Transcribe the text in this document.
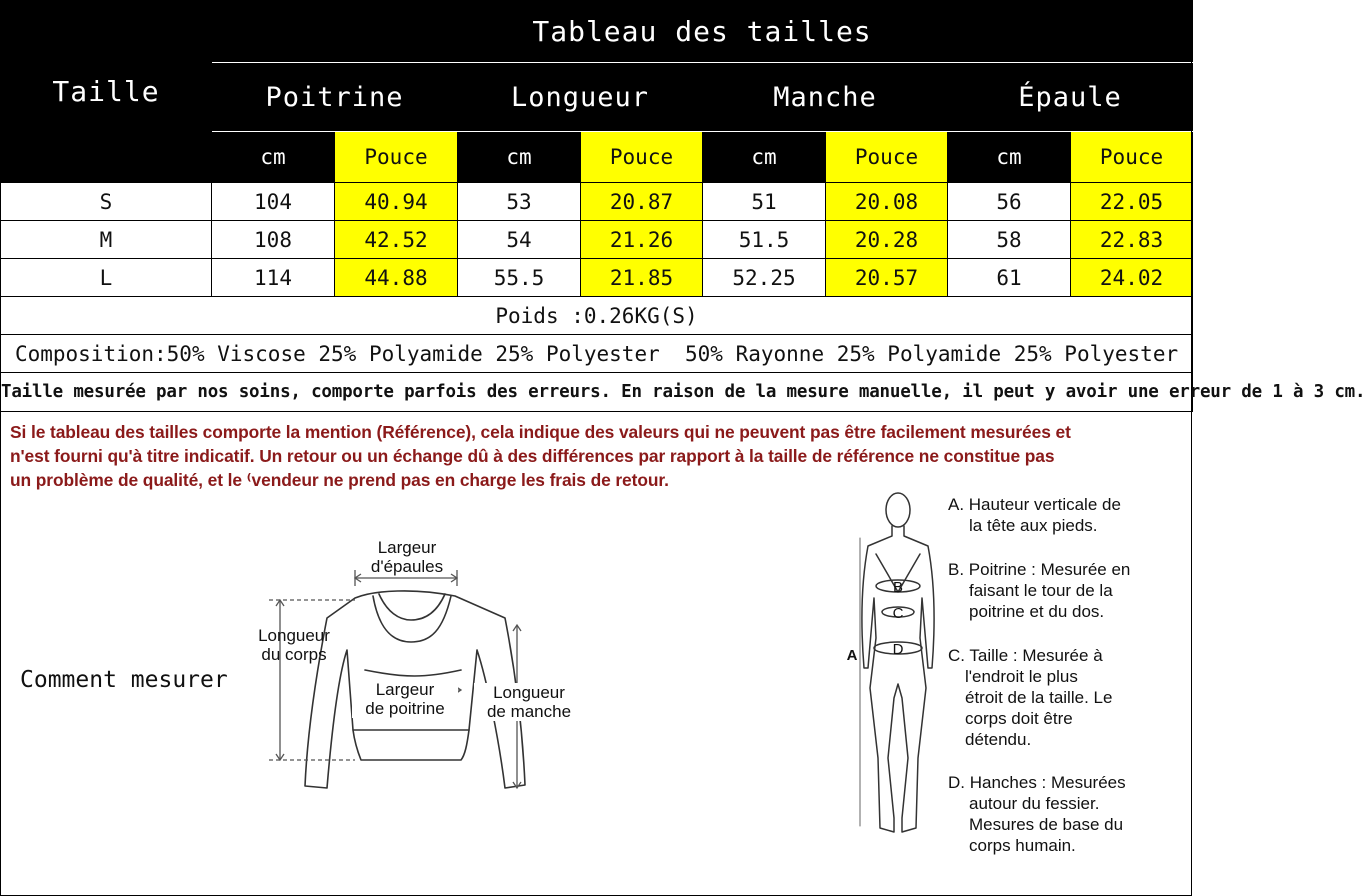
Taille	Tableau des tailles							
	Poitrine		Longueur		Manche		Épaule	
	cm	Pouce	cm	Pouce	cm	Pouce	cm	Pouce
S	104	40.94	53	20.87	51	20.08	56	22.05
M	108	42.52	54	21.26	51.5	20.28	58	22.83
L	114	44.88	55.5	21.85	52.25	20.57	61	24.02
Poids :0.26KG(S)								
Composition:50% Viscose 25% Polyamide 25% Polyester  50% Rayonne 25% Polyamide 25% Polyester								
Taille mesurée par nos soins, comporte parfois des erreurs. En raison de la mesure manuelle, il peut y avoir une erreur de 1 à 3 cm.								
Si le tableau des tailles comporte la mention (Référence), cela indique des valeurs qui ne peuvent pas être facilement mesurées et
n'est fourni qu'à titre indicatif. Un retour ou un échange dû à des différences par rapport à la taille de référence ne constitue pas
un problème de qualité, et le ⁽vendeur ne prend pas en charge les frais de retour.
Comment mesurer
Largeur
d'épaules
Longueur
du corps
Largeur
de poitrine
Longueur
de manche
B
C
D
A
A. Hauteur verticale de
la tête aux pieds.
B. Poitrine : Mesurée en
faisant le tour de la
poitrine et du dos.
C. Taille : Mesurée à
l'endroit le plus
étroit de la taille. Le
corps doit être
détendu.
D. Hanches : Mesurées
autour du fessier.
Mesures de base du
corps humain.
